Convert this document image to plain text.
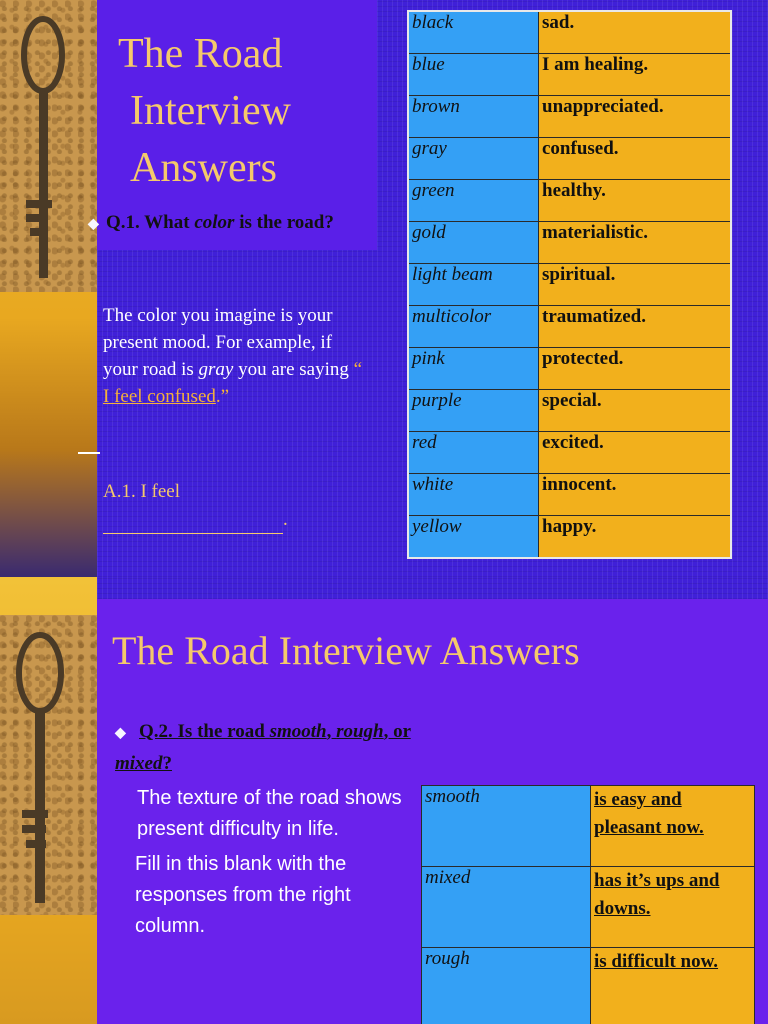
The Road
Interview
Answers
◆ Q.1. What color is the road?
The color you imagine is your present mood. For example, if your road is gray you are saying “ I feel confused.”
A.1. I feel
.
black	sad.
blue	I am healing.
brown	unappreciated.
gray	confused.
green	healthy.
gold	materialistic.
light beam	spiritual.
multicolor	traumatized.
pink	protected.
purple	special.
red	excited.
white	innocent.
yellow	happy.
The Road Interview Answers
◆ Q.2. Is the road smooth, rough, or mixed?

The texture of the road shows present difficulty in life.

Fill in this blank with the responses from the right column.

smooth	is easy and pleasant now.
mixed	has it’s ups and downs.
rough	is difficult now.
